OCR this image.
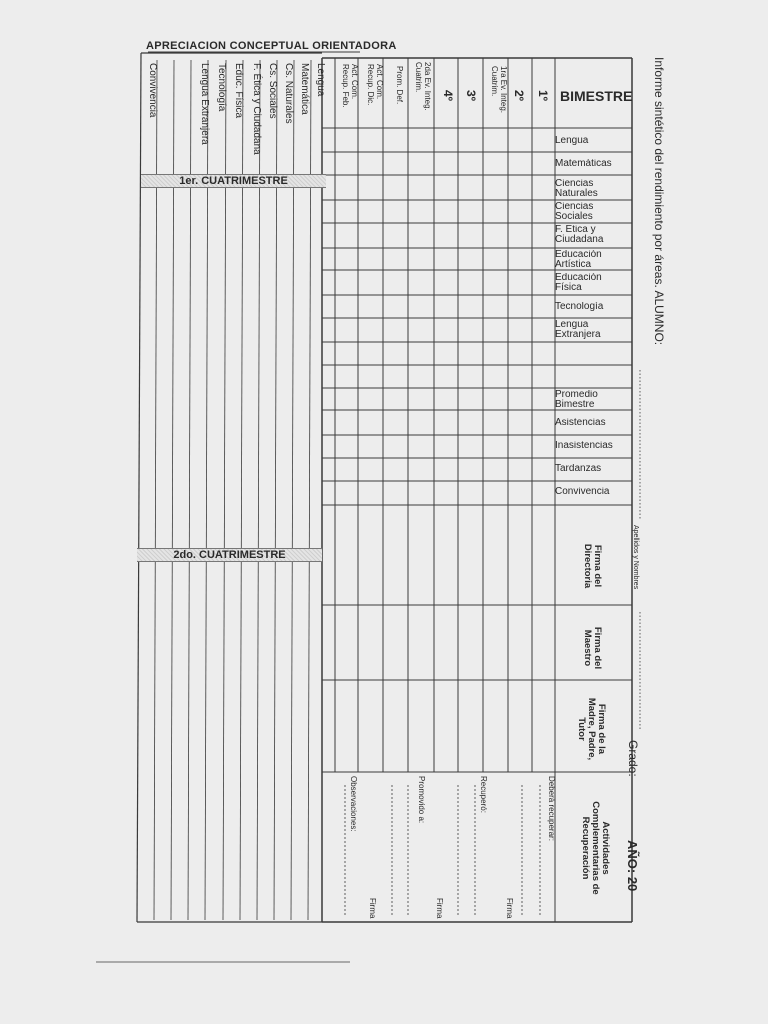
APRECIACION CONCEPTUAL ORIENTADORA
Informe sintético del rendimiento por áreas. ALUMNO:
Apellidos y Nombres
Grado:
AÑO: 20
BIMESTRE
1º
2º
1ra Ev. Integ. Cuatrim.
3º
4º
2da Ev. Integ. Cuatrim.
Prom. Def.
Act. Com. Recup. Dic.
Act. Com. Recup. Feb.
Lengua
Matemáticas
Ciencias Naturales
Ciencias Sociales
F. Ética y Ciudadana
Educación Artística
Educación Física
Tecnología
Lengua Extranjera
Promedio Bimestre
Asistencias
Inasistencias
Tardanzas
Convivencia
Firma del Directoria
Firma del Maestro
Firma de la Madre, Padre, Tutor
Actividades Complementarias de Recuperación
Deberá recuperar:
Recuperó:
Promovido a:
Observaciones:
Firma
Firma
Firma
Lengua
Matemática
Cs. Naturales
Cs. Sociales
F. Ética y Ciudadana
Educ. Física
Tecnología
Lengua Extranjera
Convivencia
1er. CUATRIMESTRE
2do. CUATRIMESTRE
